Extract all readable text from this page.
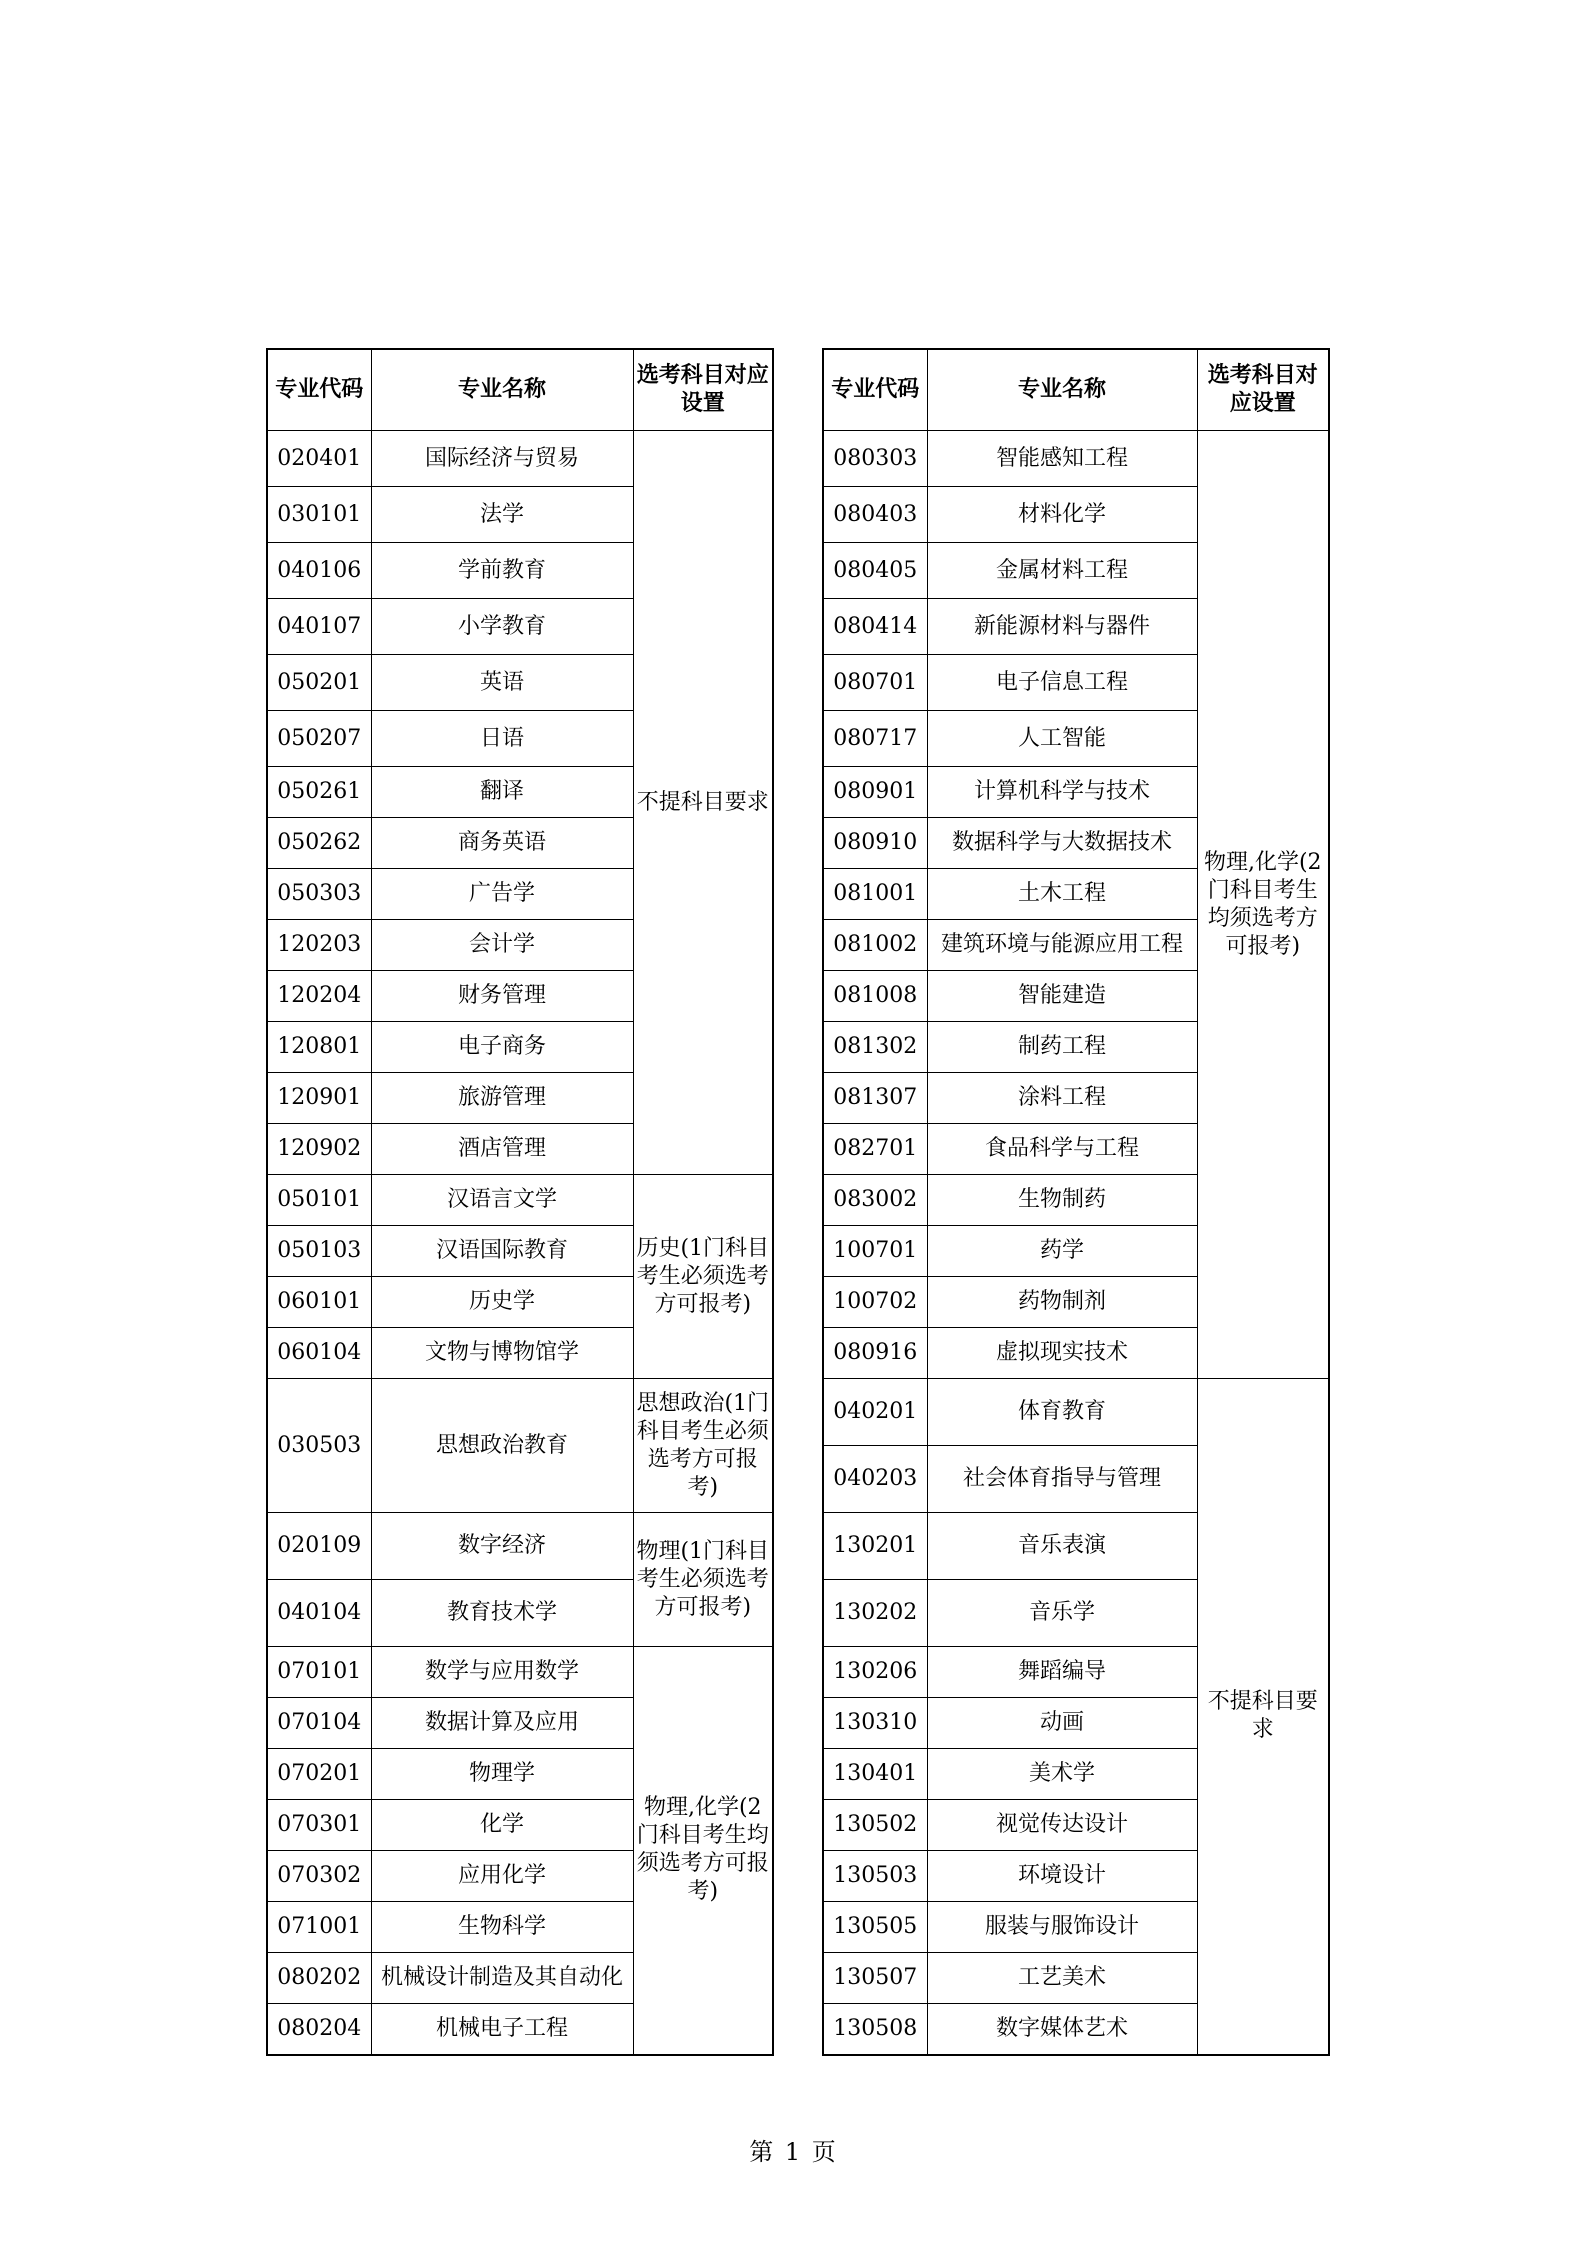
专业代码	专业名称	选考科目对应设置
020401	国际经济与贸易	不提科目要求
030101	法学	
040106	学前教育	
040107	小学教育	
050201	英语	
050207	日语	
050261	翻译	
050262	商务英语	
050303	广告学	
120203	会计学	
120204	财务管理	
120801	电子商务	
120901	旅游管理	
120902	酒店管理	
050101	汉语言文学	历史(1门科目考生必须选考方可报考)
050103	汉语国际教育	
060101	历史学	
060104	文物与博物馆学	
030503	思想政治教育	思想政治(1门科目考生必须选考方可报考)
020109	数字经济	物理(1门科目考生必须选考方可报考)
040104	教育技术学	
070101	数学与应用数学	物理,化学(2门科目考生均须选考方可报考)
070104	数据计算及应用	
070201	物理学	
070301	化学	
070302	应用化学	
071001	生物科学	
080202	机械设计制造及其自动化	
080204	机械电子工程	
专业代码	专业名称	选考科目对应设置
080303	智能感知工程	物理,化学(2门科目考生均须选考方可报考)
080403	材料化学	
080405	金属材料工程	
080414	新能源材料与器件	
080701	电子信息工程	
080717	人工智能	
080901	计算机科学与技术	
080910	数据科学与大数据技术	
081001	土木工程	
081002	建筑环境与能源应用工程	
081008	智能建造	
081302	制药工程	
081307	涂料工程	
082701	食品科学与工程	
083002	生物制药	
100701	药学	
100702	药物制剂	
080916	虚拟现实技术	
040201	体育教育	不提科目要求
040203	社会体育指导与管理	
130201	音乐表演	
130202	音乐学	
130206	舞蹈编导	
130310	动画	
130401	美术学	
130502	视觉传达设计	
130503	环境设计	
130505	服装与服饰设计	
130507	工艺美术	
130508	数字媒体艺术	
第 1 页
